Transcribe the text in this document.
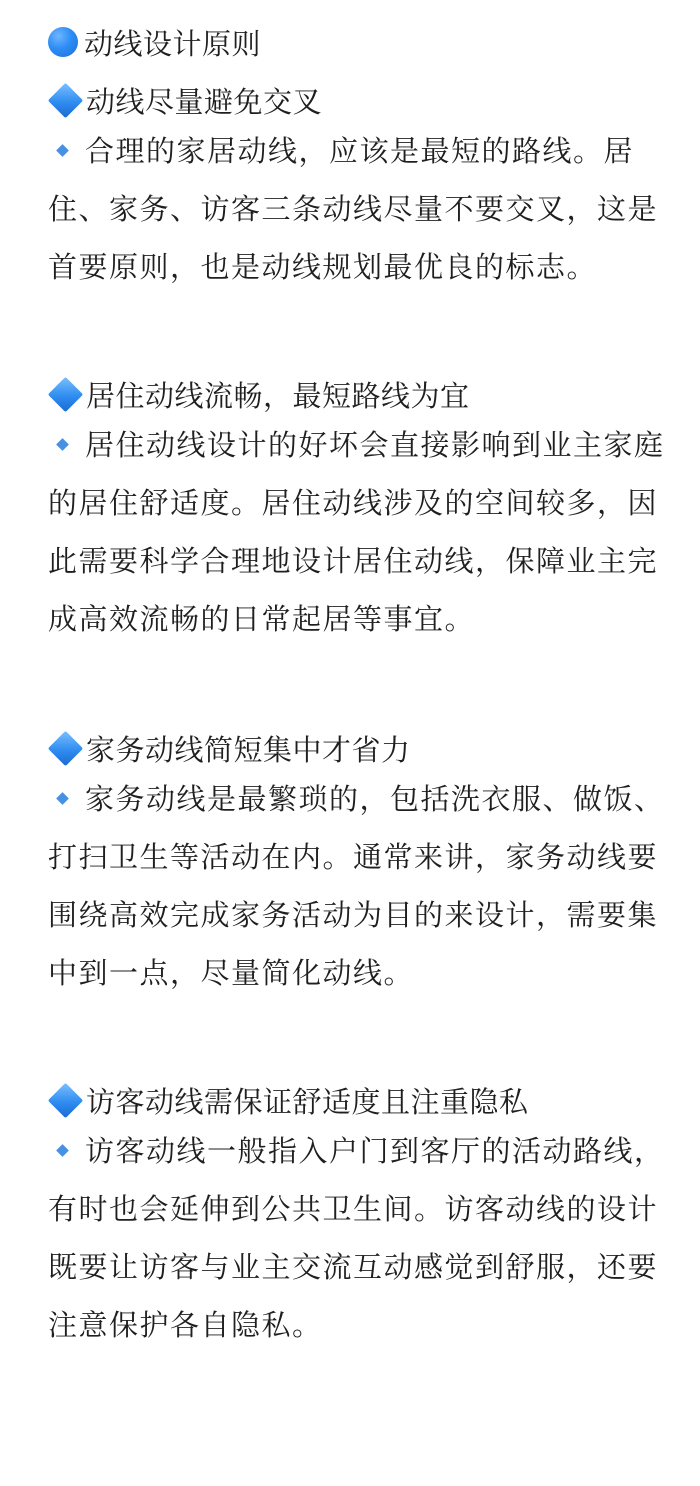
动线设计原则
动线尽量避免交叉
合理的家居动线，应该是最短的路线。居住、家务、访客三条动线尽量不要交叉，这是首要原则，也是动线规划最优良的标志。
居住动线流畅，最短路线为宜
居住动线设计的好坏会直接影响到业主家庭的居住舒适度。居住动线涉及的空间较多，因此需要科学合理地设计居住动线，保障业主完成高效流畅的日常起居等事宜。
家务动线简短集中才省力
家务动线是最繁琐的，包括洗衣服、做饭、打扫卫生等活动在内。通常来讲，家务动线要围绕高效完成家务活动为目的来设计，需要集中到一点，尽量简化动线。
访客动线需保证舒适度且注重隐私
访客动线一般指入户门到客厅的活动路线，有时也会延伸到公共卫生间。访客动线的设计既要让访客与业主交流互动感觉到舒服，还要注意保护各自隐私。
